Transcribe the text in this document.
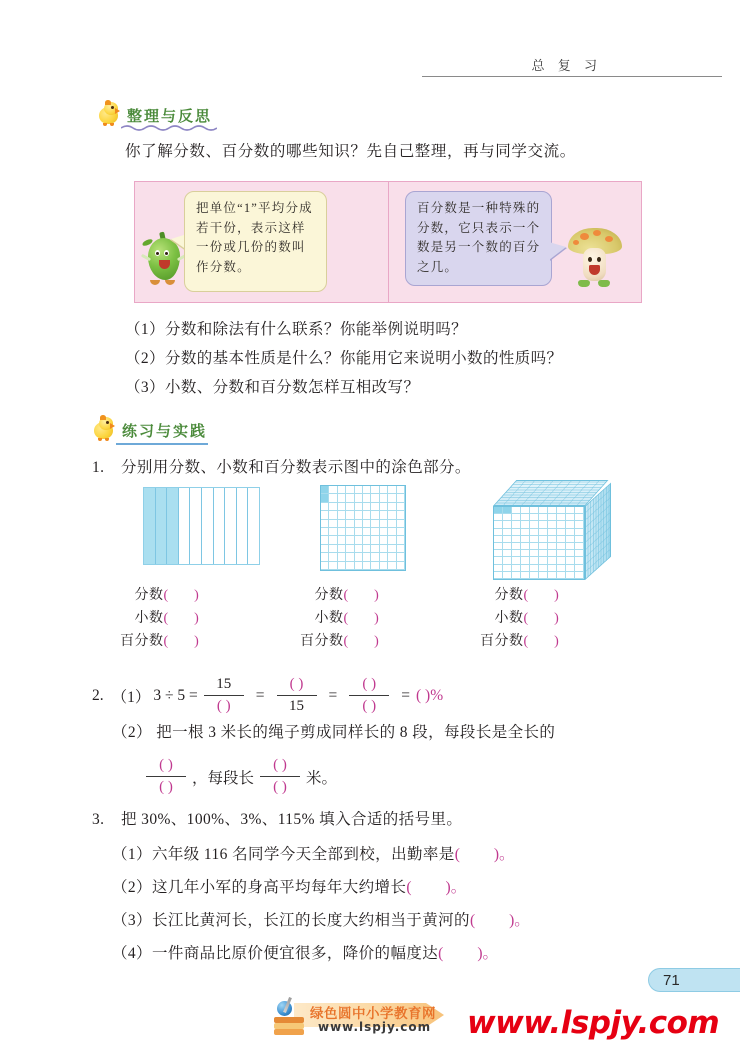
总 复 习
整理与反思
你了解分数、百分数的哪些知识？先自己整理，再与同学交流。
把单位“1”平均分成若干份，表示这样一份或几份的数叫作分数。
百分数是一种特殊的分数，它只表示一个数是另一个数的百分之几。
（1）分数和除法有什么联系？你能举例说明吗？
（2）分数的基本性质是什么？你能用它来说明小数的性质吗？
（3）小数、分数和百分数怎样互相改写？
练习与实践
1. 分别用分数、小数和百分数表示图中的涂色部分。
分数( )
小数( )
百分数( )
分数( )
小数( )
百分数( )
分数( )
小数( )
百分数( )
2. （1） $3 \div 5 = \frac{15}{( )} = \frac{( )}{15} = \frac{( )}{( )}$ = ( )%
（2） 把一根 3 米长的绳子剪成同样长的 8 段，每段长是全长的
$\frac{( )}{( )}$ ，每段长 $\frac{( )}{( )}$ 米。
3. 把 30%、100%、3%、115% 填入合适的括号里。
（1）六年级 116 名同学今天全部到校，出勤率是( )。
（2）这几年小军的身高平均每年大约增长( )。
（3）长江比黄河长，长江的长度大约相当于黄河的( )。
（4）一件商品比原价便宜很多，降价的幅度达( )。
71
绿色圆中小学教育网
www.lspjy.com www.lspjy.com
